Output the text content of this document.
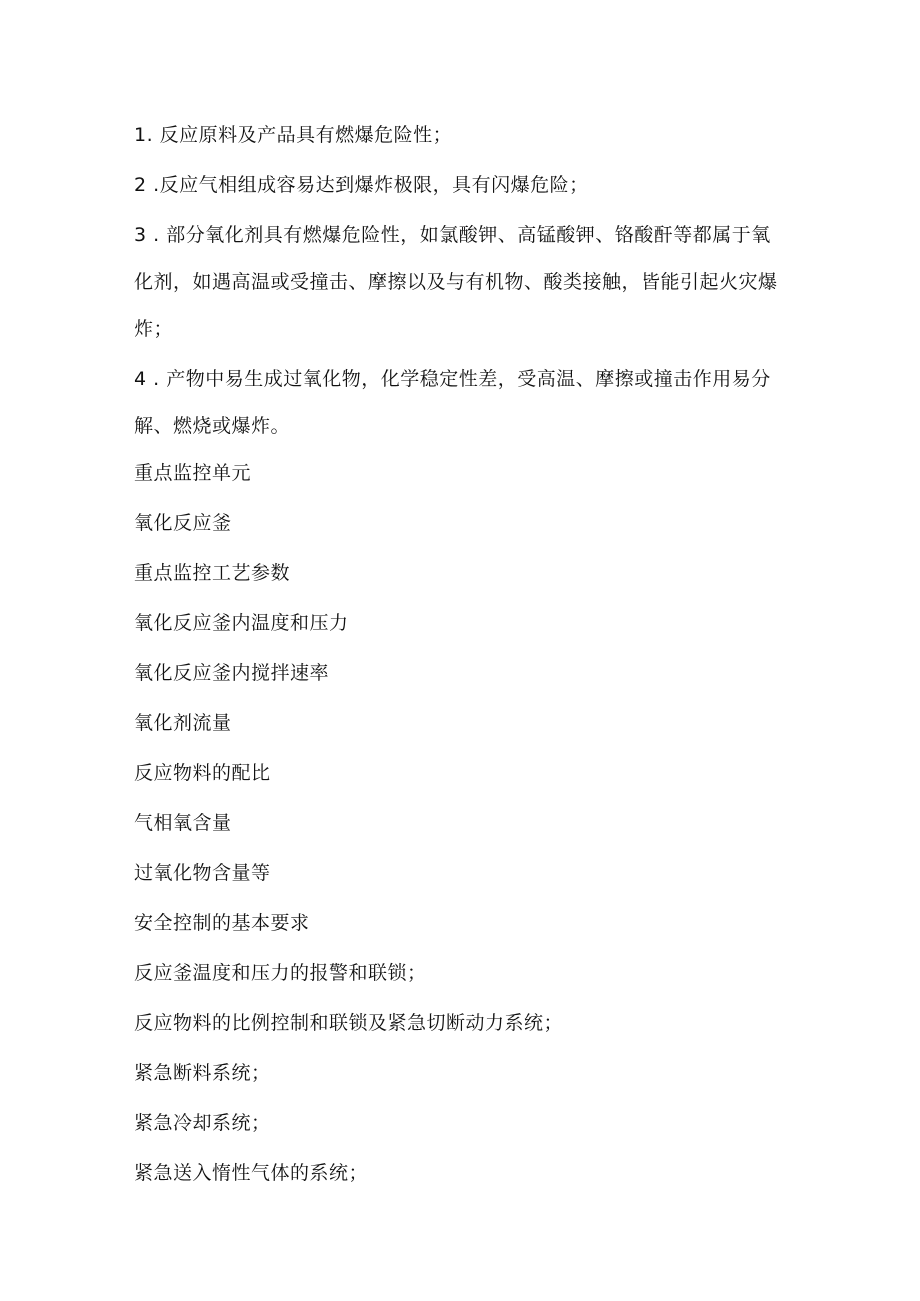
1. 反应原料及产品具有燃爆危险性；
2 .反应气相组成容易达到爆炸极限，具有闪爆危险；
3 . 部分氧化剂具有燃爆危险性，如氯酸钾、高锰酸钾、铬酸酐等都属于氧化剂，如遇高温或受撞击、摩擦以及与有机物、酸类接触，皆能引起火灾爆炸；
4 . 产物中易生成过氧化物，化学稳定性差，受高温、摩擦或撞击作用易分解、燃烧或爆炸。
重点监控单元
氧化反应釜
重点监控工艺参数
氧化反应釜内温度和压力
氧化反应釜内搅拌速率
氧化剂流量
反应物料的配比
气相氧含量
过氧化物含量等
安全控制的基本要求
反应釜温度和压力的报警和联锁；
反应物料的比例控制和联锁及紧急切断动力系统；
紧急断料系统；
紧急冷却系统；
紧急送入惰性气体的系统；
